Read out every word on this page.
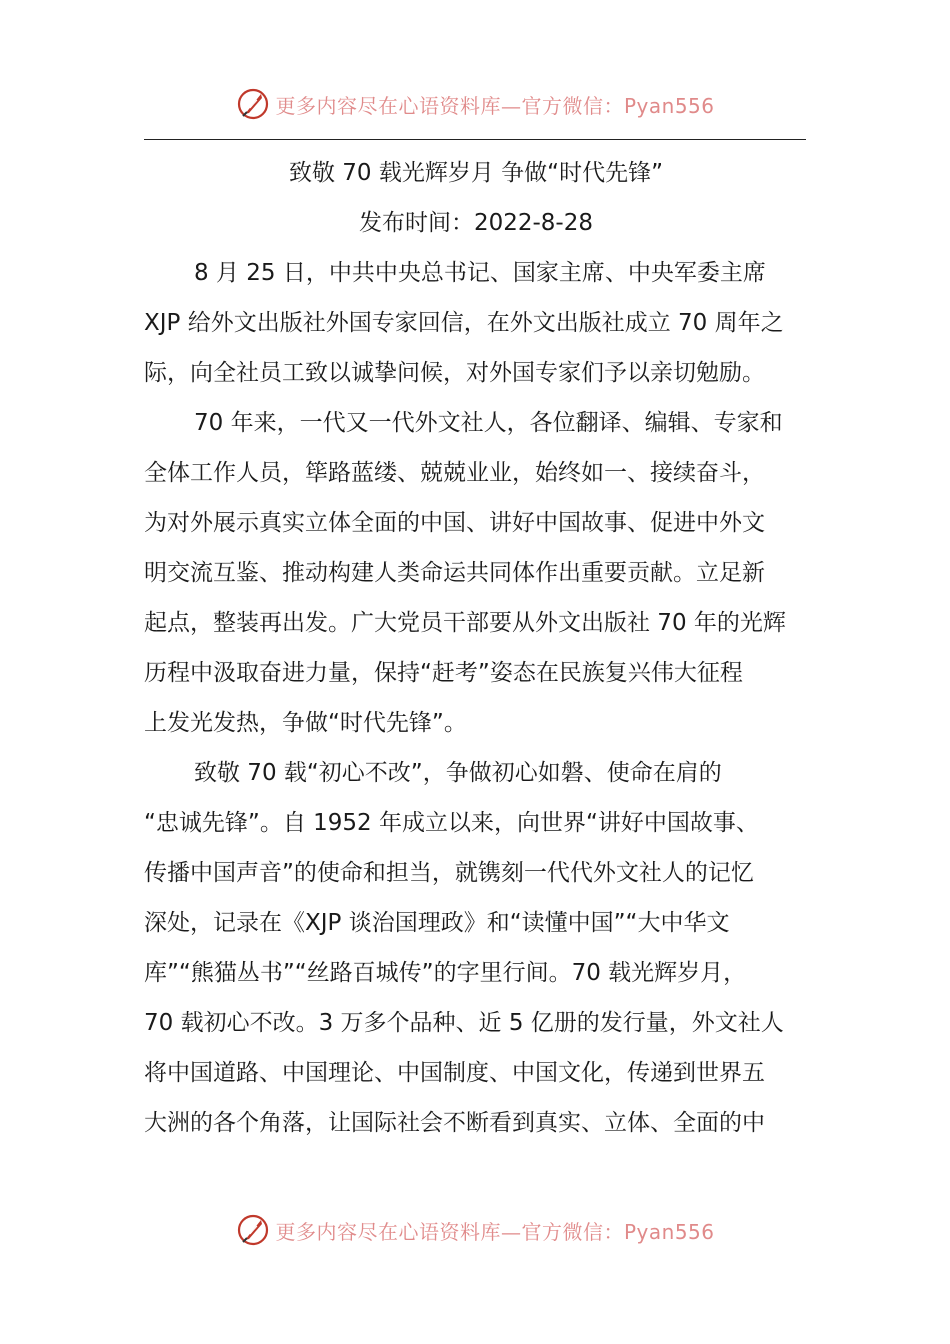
更多内容尽在心语资料库—官方微信：Pyan556
致敬 70 载光辉岁月 争做“时代先锋”
发布时间：2022-8-28
8 月 25 日，中共中央总书记、国家主席、中央军委主席
XJP 给外文出版社外国专家回信，在外文出版社成立 70 周年之
际，向全社员工致以诚挚问候，对外国专家们予以亲切勉励。
70 年来，一代又一代外文社人，各位翻译、编辑、专家和
全体工作人员，筚路蓝缕、兢兢业业，始终如一、接续奋斗，
为对外展示真实立体全面的中国、讲好中国故事、促进中外文
明交流互鉴、推动构建人类命运共同体作出重要贡献。立足新
起点，整装再出发。广大党员干部要从外文出版社 70 年的光辉
历程中汲取奋进力量，保持“赶考”姿态在民族复兴伟大征程
上发光发热，争做“时代先锋”。
致敬 70 载“初心不改”，争做初心如磐、使命在肩的
“忠诚先锋”。自 1952 年成立以来，向世界“讲好中国故事、
传播中国声音”的使命和担当，就镌刻一代代外文社人的记忆
深处，记录在《XJP 谈治国理政》和“读懂中国”“大中华文
库”“熊猫丛书”“丝路百城传”的字里行间。70 载光辉岁月，
70 载初心不改。3 万多个品种、近 5 亿册的发行量，外文社人
将中国道路、中国理论、中国制度、中国文化，传递到世界五
大洲的各个角落，让国际社会不断看到真实、立体、全面的中
更多内容尽在心语资料库—官方微信：Pyan556
